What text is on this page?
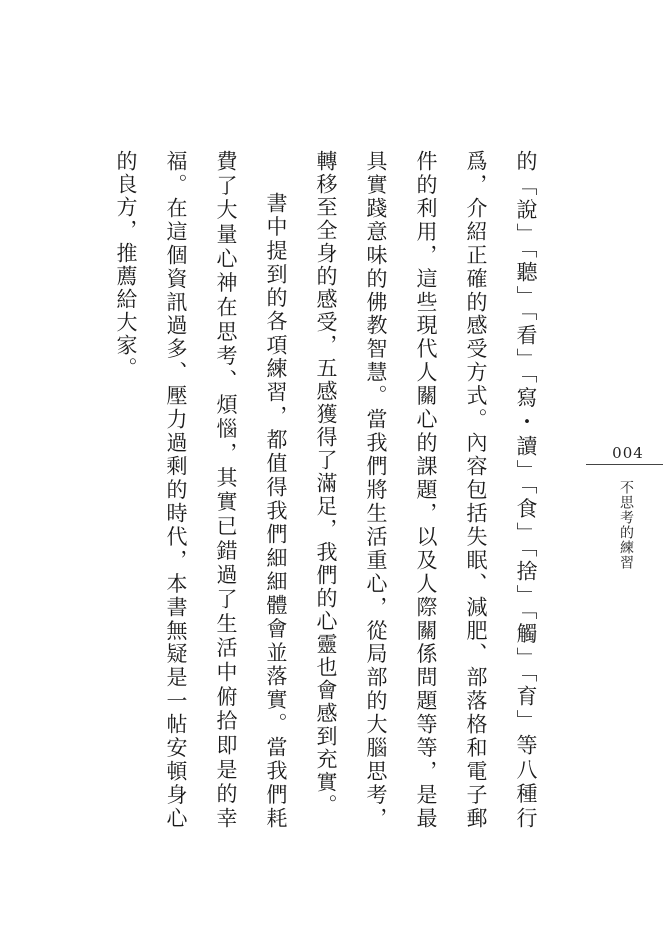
004
不思考的練習

的「說」「聽」「看」「寫・讀」「食」「捨」「觸」「育」等八種行爲，介紹正確的感受方式。內容包括失眠、減肥、部落格和電子郵件的利用，這些現代人關心的課題，以及人際關係問題等等，是最具實踐意味的佛教智慧。當我們將生活重心，從局部的大腦思考，轉移至全身的感受，五感獲得了滿足，我們的心靈也會感到充實。

書中提到的各項練習，都值得我們細細體會並落實。當我們耗費了大量心神在思考、煩惱，其實已錯過了生活中俯拾即是的幸福。在這個資訊過多、壓力過剩的時代，本書無疑是一帖安頓身心的良方，推薦給大家。
